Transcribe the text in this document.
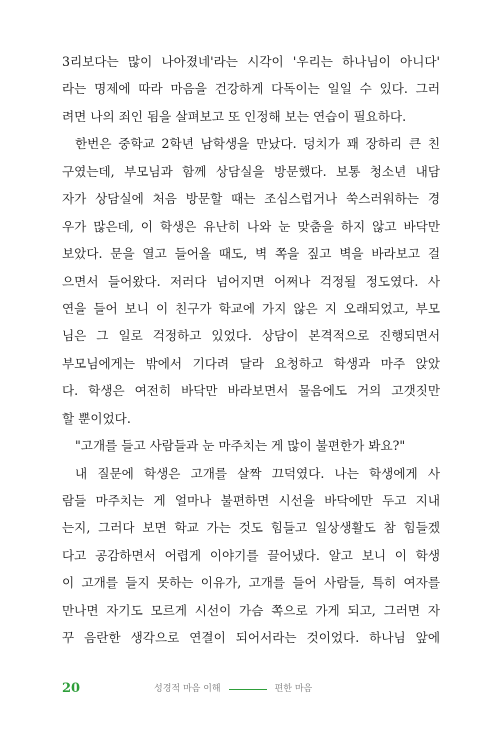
3리보다는 많이 나아졌네'라는 시각이 '우리는 하나님이 아니다'
라는 명제에 따라 마음을 건강하게 다독이는 일일 수 있다. 그러
려면 나의 죄인 됨을 살펴보고 또 인정해 보는 연습이 필요하다.
한번은 중학교 2학년 남학생을 만났다. 덩치가 꽤 장하리 큰 친
구였는데, 부모님과 함께 상담실을 방문했다. 보통 청소년 내담
자가 상담실에 처음 방문할 때는 조심스럽거나 쑥스러워하는 경
우가 많은데, 이 학생은 유난히 나와 눈 맞춤을 하지 않고 바닥만
보았다. 문을 열고 들어올 때도, 벽 쪽을 짚고 벽을 바라보고 걸
으면서 들어왔다. 저러다 넘어지면 어쩌나 걱정될 정도였다. 사
연을 들어 보니 이 친구가 학교에 가지 않은 지 오래되었고, 부모
님은 그 일로 걱정하고 있었다. 상담이 본격적으로 진행되면서
부모님에게는 밖에서 기다려 달라 요청하고 학생과 마주 앉았
다. 학생은 여전히 바닥만 바라보면서 물음에도 거의 고갯짓만
할 뿐이었다.
"고개를 들고 사람들과 눈 마주치는 게 많이 불편한가 봐요?"
내 질문에 학생은 고개를 살짝 끄덕였다. 나는 학생에게 사
람들 마주치는 게 얼마나 불편하면 시선을 바닥에만 두고 지내
는지, 그러다 보면 학교 가는 것도 힘들고 일상생활도 참 힘들겠
다고 공감하면서 어렵게 이야기를 끌어냈다. 알고 보니 이 학생
이 고개를 들지 못하는 이유가, 고개를 들어 사람들, 특히 여자를
만나면 자기도 모르게 시선이 가슴 쪽으로 가게 되고, 그러면 자
꾸 음란한 생각으로 연결이 되어서라는 것이었다. 하나님 앞에
20	성경적 마음 이해	편한 마음
